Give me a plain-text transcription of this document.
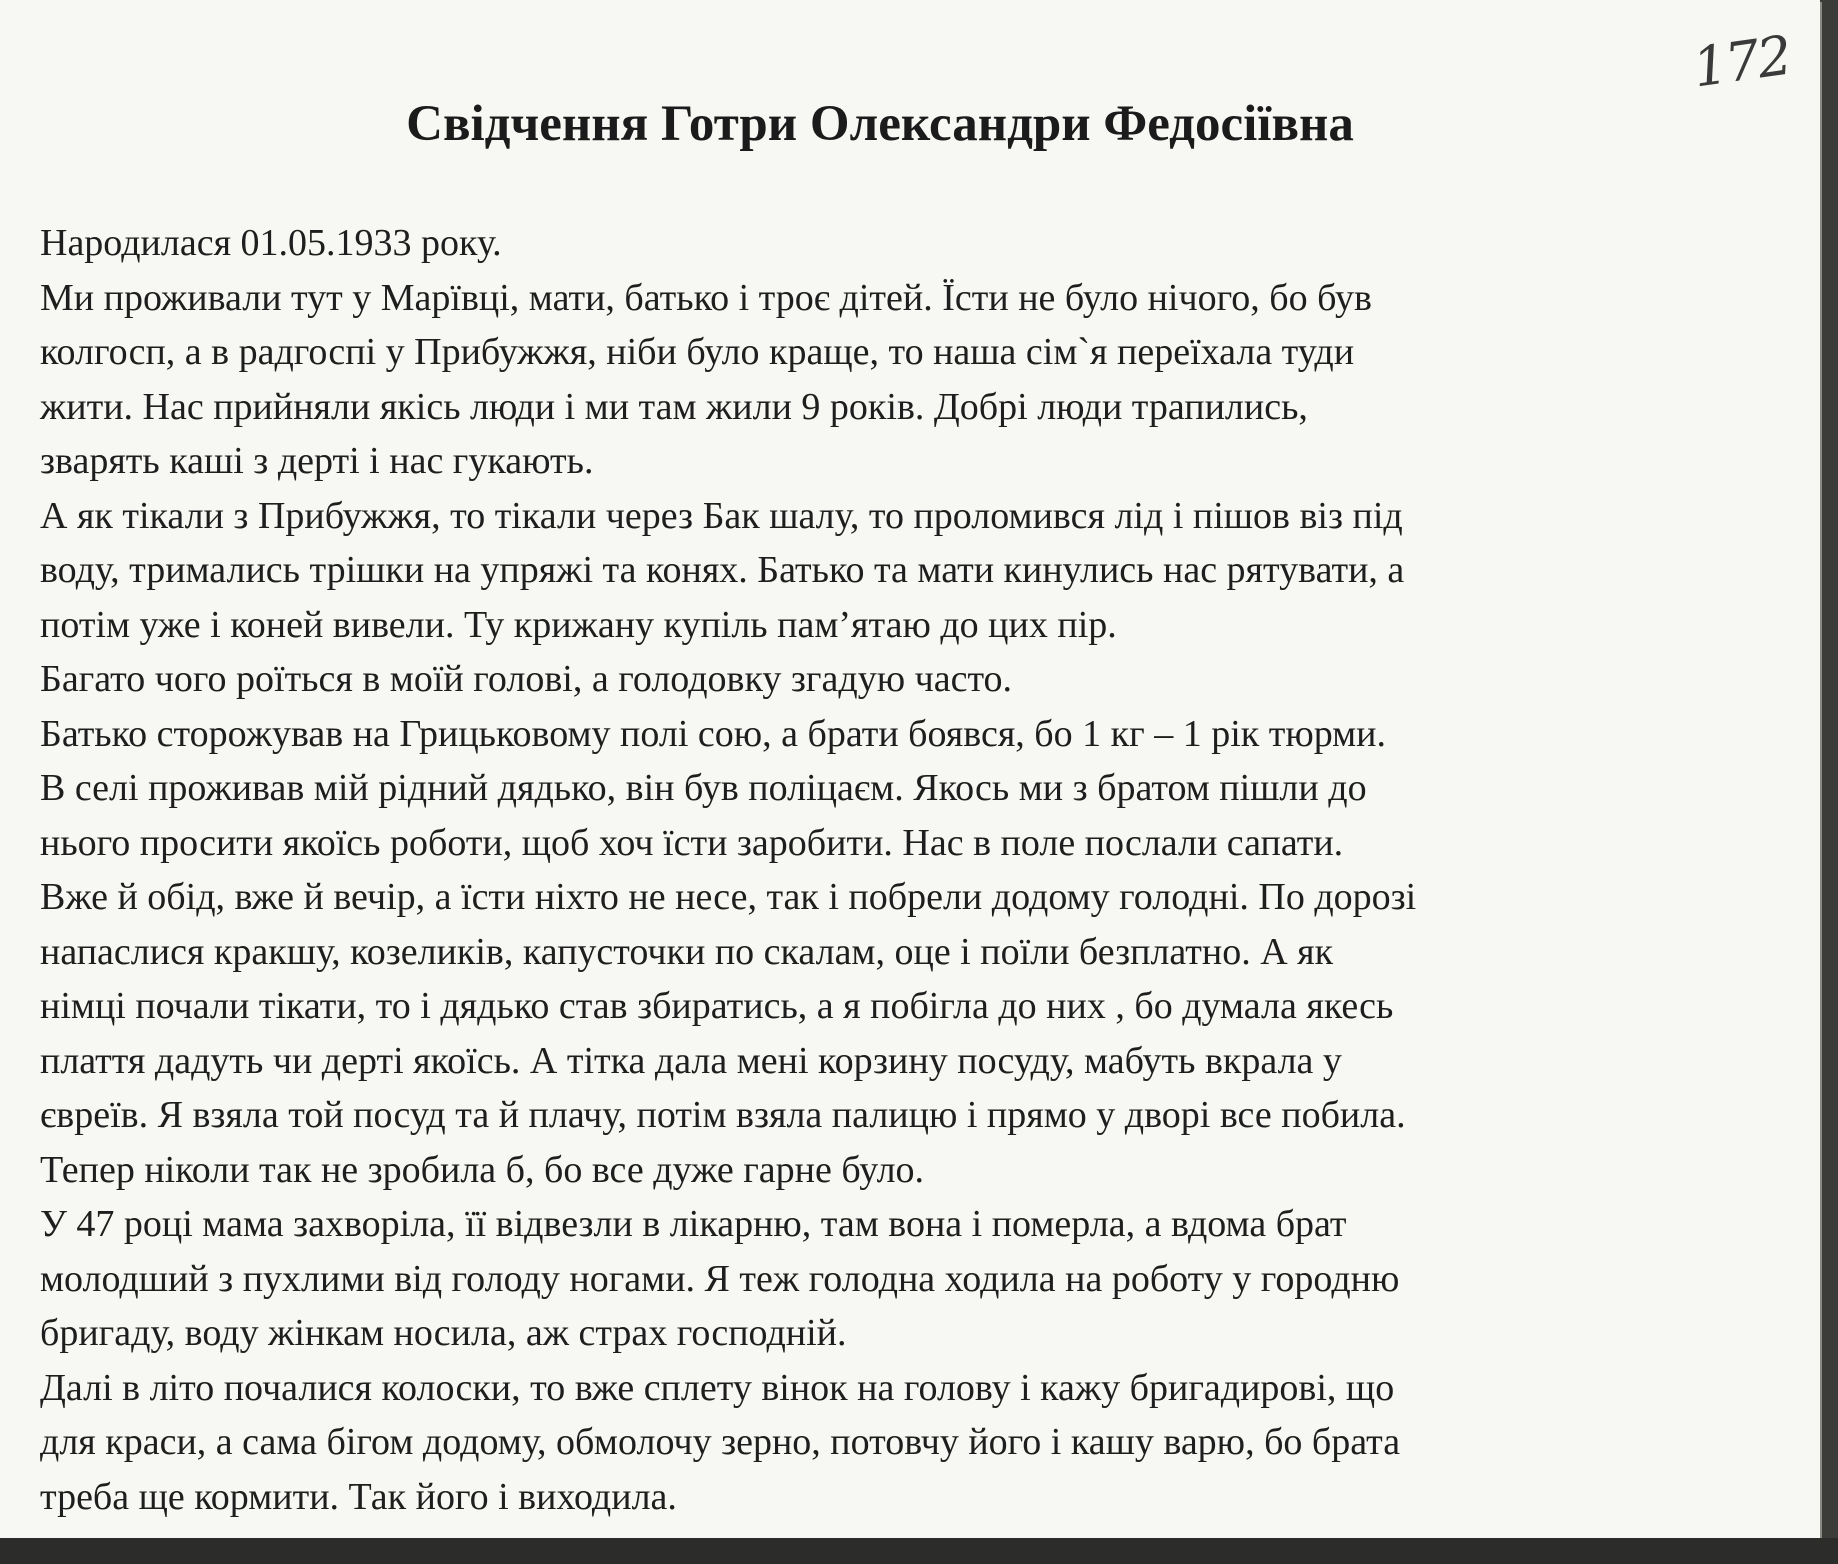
172
Свідчення Готри Олександри Федосіївна
Народилася 01.05.1933 року.
Ми проживали тут у Марївці, мати, батько і троє дітей. Їсти не було нічого, бо був
колгосп, а в радгоспі у Прибужжя, ніби було краще, то наша сім`я переїхала туди
жити. Нас прийняли якісь люди і ми там жили 9 років. Добрі люди трапились,
зварять каші з дерті і нас гукають.
А як тікали з Прибужжя, то тікали через Бак шалу, то проломився лід і пішов віз під
воду, тримались трішки на упряжі та конях. Батько та мати кинулись нас рятувати, а
потім уже і коней вивели. Ту крижану купіль пам’ятаю до цих пір.
Багато чого роїться в моїй голові, а голодовку згадую часто.
Батько сторожував на Грицьковому полі сою, а брати боявся, бо 1 кг – 1 рік тюрми.
В селі проживав мій рідний дядько, він був поліцаєм. Якось ми з братом пішли до
нього просити якоїсь роботи, щоб хоч їсти заробити. Нас в поле послали сапати.
Вже й обід, вже й вечір, а їсти ніхто не несе, так і побрели додому голодні. По дорозі
напаслися кракшу, козеликів, капусточки по скалам, оце і поїли безплатно. А як
німці почали тікати, то і дядько став збиратись, а я побігла до них , бо думала якесь
плаття дадуть чи дерті якоїсь. А тітка дала мені корзину посуду, мабуть вкрала у
євреїв. Я взяла той посуд та й плачу, потім взяла палицю і прямо у дворі все побила.
Тепер ніколи так не зробила б, бо все дуже гарне було.
У 47 році мама захворіла, її відвезли в лікарню, там вона і померла, а вдома брат
молодший з пухлими від голоду ногами. Я теж голодна ходила на роботу у городню
бригаду, воду жінкам носила, аж страх господній.
Далі в літо почалися колоски, то вже сплету вінок на голову і кажу бригадирові, що
для краси, а сама бігом додому, обмолочу зерно, потовчу його і кашу варю, бо брата
треба ще кормити. Так його і виходила.
